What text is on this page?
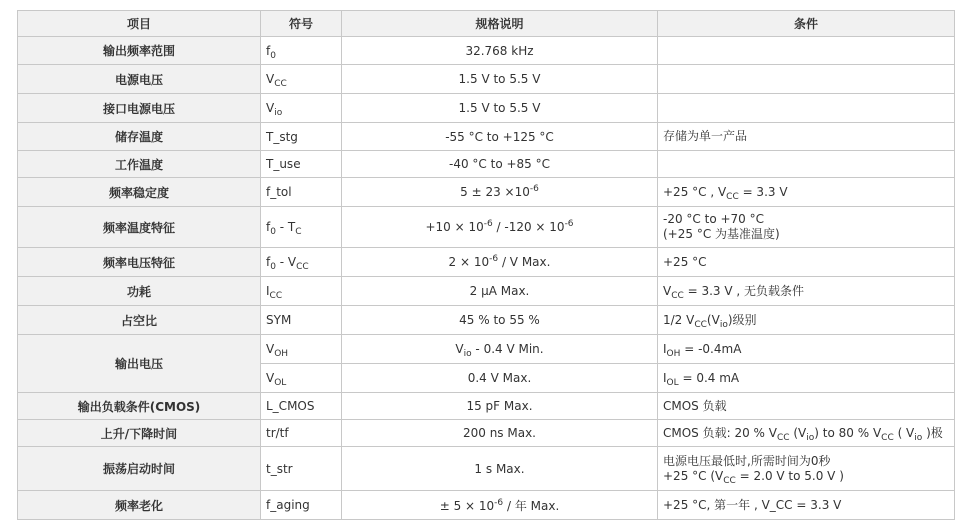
项目	符号	规格说明	条件
输出频率范围	$f_0$	32.768 kHz	
电源电压	$V_{CC}$	1.5 V to 5.5 V	
接口电源电压	$V_{io}$	1.5 V to 5.5 V	
储存温度	T_stg	-55 °C to +125 °C	存储为单一产品
工作温度	T_use	-40 °C to +85 °C	
频率稳定度	f_tol	$5 \pm 23 \times 10^{-6}$	+25 °C , $V_{CC} = 3.3$ V
频率温度特征	$f_0 - T_C$	$+10 \times 10^{-6} / -120 \times 10^{-6}$	-20 °C to +70 °C
(+25 °C 为基准温度)

频率电压特征	$f_0 - V_{CC}$	$2 \times 10^{-6} / V$ Max.	+25 °C
功耗	$I_{CC}$	2 µA Max.	$V_{CC} = 3.3$ V , 无负载条件
占空比	SYM	45 % to 55 %	1/2 $V_{CC}(V_{io})$级别
输出电压	$V_{OH}$	$V_{io} - 0.4$ V Min.	$I_{OH} = -0.4mA$
	$V_{OL}$	0.4 V Max.	$I_{OL} = 0.4$ mA
输出负载条件(CMOS)	L_CMOS	15 pF Max.	CMOS 负载
上升/下降时间	tr/tf	200 ns Max.	CMOS 负载: 20 % $V_{CC}$ $(V_{io})$ to 80 % $V_{CC}$ ( $V_{io}$ )极
振荡启动时间	t_str	1 s Max.	电源电压最低时,所需时间为0秒
+25 °C ($V_{CC} = 2.0$ V to 5.0 V )

频率老化	f_aging	± $5 \times 10^{-6}$ / 年 Max.	+25 °C, 第一年 , V_CC = 3.3 V
